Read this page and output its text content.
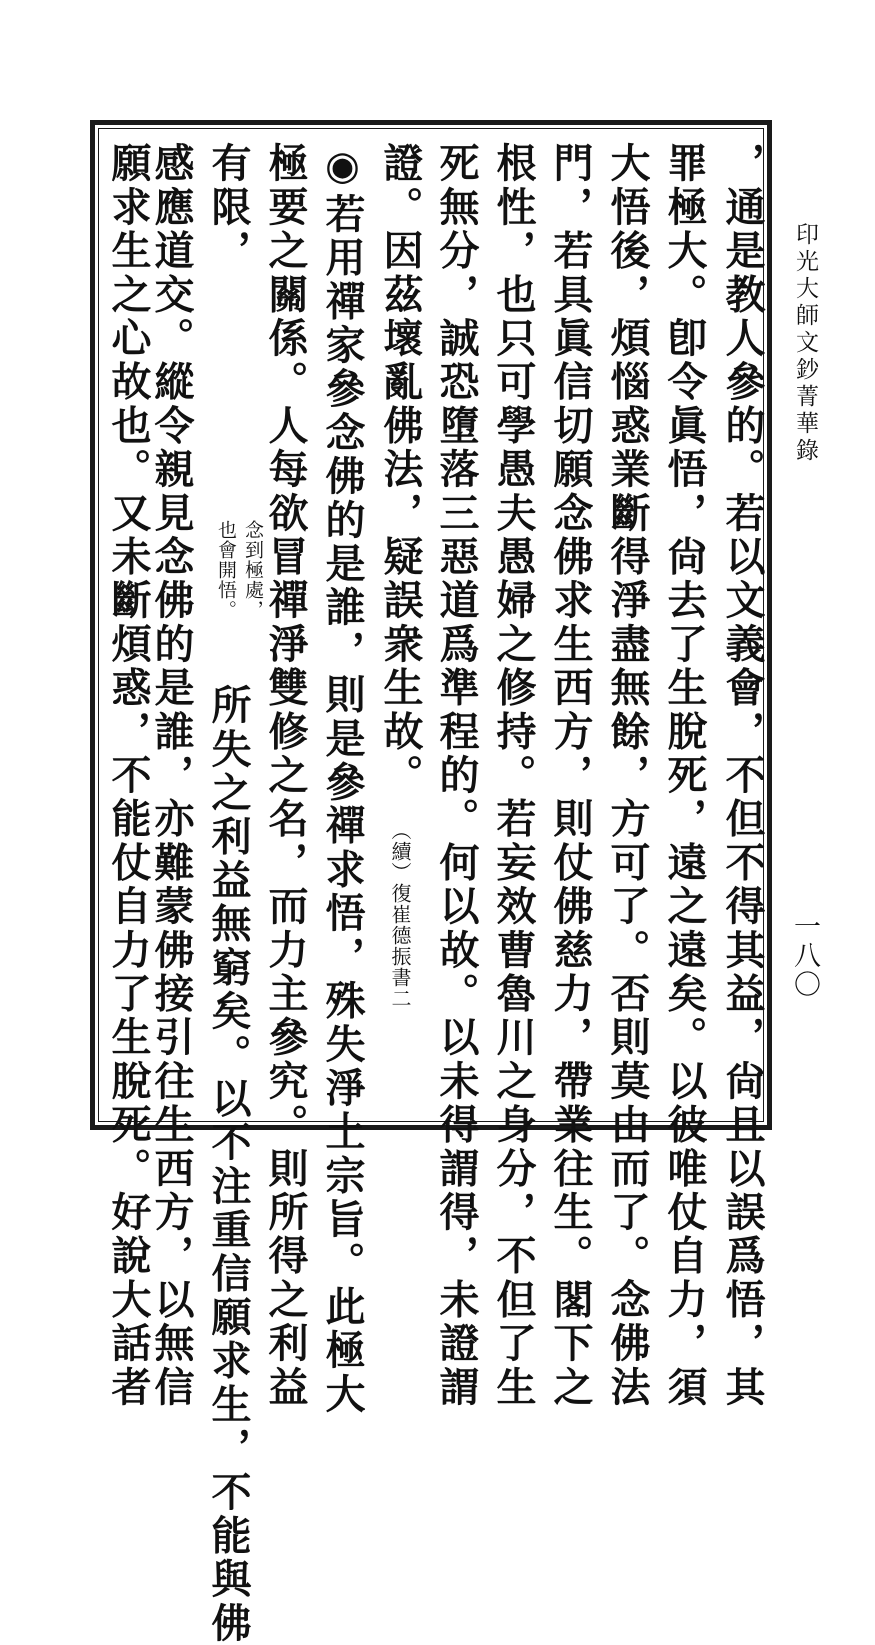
印光大師文鈔菁華錄
一八〇
，通是教人參的。若以文義會，不但不得其益，尙且以誤爲悟，其
罪極大。卽令眞悟，尙去了生脫死，遠之遠矣。以彼唯仗自力，須
大悟後，煩惱惑業斷得淨盡無餘，方可了。否則莫由而了。念佛法
門，若具眞信切願念佛求生西方，則仗佛慈力，帶業往生。閣下之
根性，也只可學愚夫愚婦之修持。若妄效曹魯川之身分，不但了生
死無分，誠恐墮落三惡道爲準程的。何以故。以未得謂得，未證謂
證。因茲壞亂佛法，疑誤衆生故。（續）復崔德振書二
◉若用禪家參念佛的是誰，則是參禪求悟，殊失淨土宗旨。此極大
極要之關係。人每欲冒禪淨雙修之名，而力主參究。則所得之利益
有限，
念到極處，
也會開悟。
所失之利益無窮矣。以不注重信願求生，不能與佛
感應道交。縱令親見念佛的是誰，亦難蒙佛接引往生西方，以無信
願求生之心故也。又未斷煩惑，不能仗自力了生脫死。好說大話者
